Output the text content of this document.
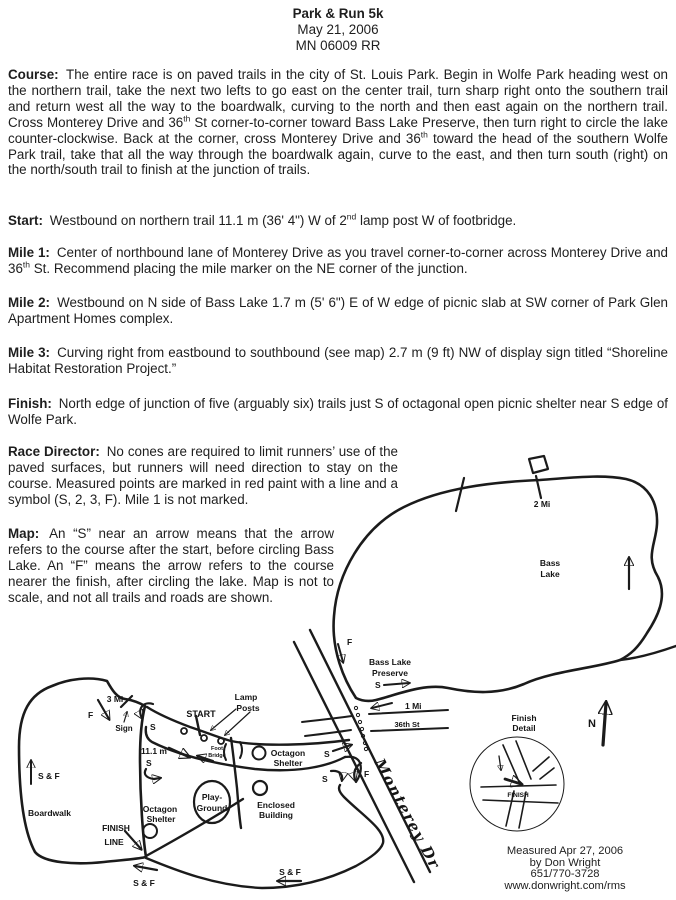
Park & Run 5k
May 21, 2006
MN 06009 RR

Course: The entire race is on paved trails in the city of St. Louis Park. Begin in Wolfe Park heading west on the northern trail, take the next two lefts to go east on the center trail, turn sharp right onto the southern trail and return west all the way to the boardwalk, curving to the north and then east again on the northern trail. Cross Monterey Drive and 36th St corner-to-corner toward Bass Lake Preserve, then turn right to circle the lake counter-clockwise. Back at the corner, cross Monterey Drive and 36th toward the head of the southern Wolfe Park trail, take that all the way through the boardwalk again, curve to the east, and then turn south (right) on the north/south trail to finish at the junction of trails.

Start: Westbound on northern trail 11.1 m (36' 4") W of 2nd lamp post W of footbridge.

Mile 1: Center of northbound lane of Monterey Drive as you travel corner-to-corner across Monterey Drive and 36th St. Recommend placing the mile marker on the NE corner of the junction.

Mile 2: Westbound on N side of Bass Lake 1.7 m (5' 6") E of W edge of picnic slab at SW corner of Park Glen Apartment Homes complex.

Mile 3: Curving right from eastbound to southbound (see map) 2.7 m (9 ft) NW of display sign titled “Shoreline Habitat Restoration Project.”

Finish: North edge of junction of five (arguably six) trails just S of octagonal open picnic shelter near S edge of Wolfe Park.

Race Director: No cones are required to limit runners’ use of the paved surfaces, but runners will need direction to stay on the course. Measured points are marked in red paint with a line and a symbol (S, 2, 3, F). Mile 1 is not marked.

Map: An “S” near an arrow means that the arrow refers to the course after the start, before circling Bass Lake. An “F” means the arrow refers to the course nearer the finish, after circling the lake. Map is not to scale, and not all trails and roads are shown.

2 Mi
Bass
Lake
F
Bass Lake
Preserve
S
Monterey Dr
36th St
1 Mi
Boardwalk
S & F
3 Mi
F
Sign S
START
Lamp
Posts
11.1 m	Foot
Bridge
S
Octagon
Shelter
Octagon
Shelter
Play-
Ground	Enclosed
Building
S
S	F
FINISH
LINE
S & F
S & F
Finish
Detail
FINISH
N
Measured Apr 27, 2006
by Don Wright
651/770-3728
www.donwright.com/rms
